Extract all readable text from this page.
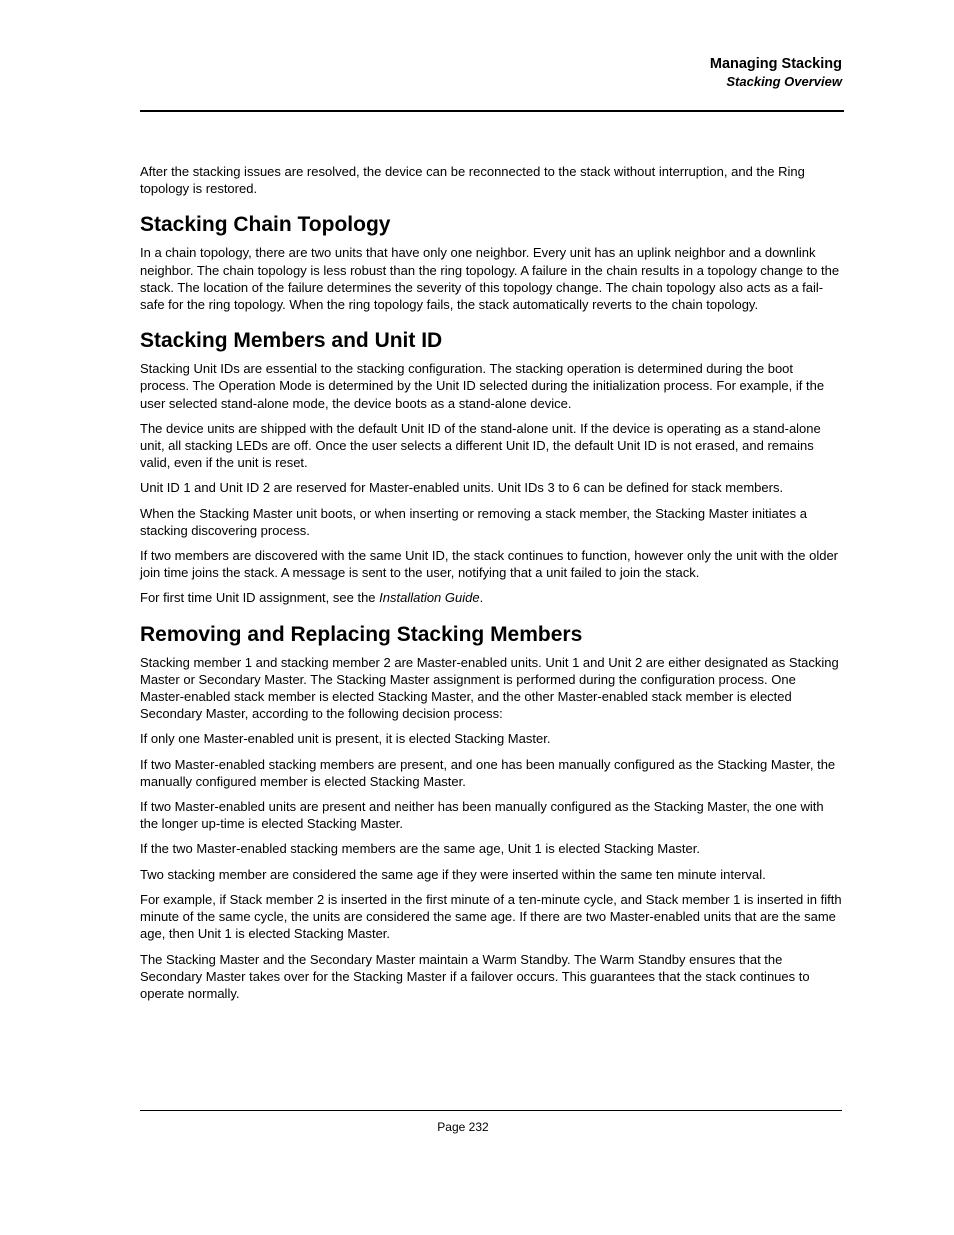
Managing Stacking
Stacking Overview

After the stacking issues are resolved, the device can be reconnected to the stack without interruption, and the Ring topology is restored.

Stacking Chain Topology

In a chain topology, there are two units that have only one neighbor. Every unit has an uplink neighbor and a downlink neighbor. The chain topology is less robust than the ring topology. A failure in the chain results in a topology change to the stack. The location of the failure determines the severity of this topology change. The chain topology also acts as a fail-safe for the ring topology. When the ring topology fails, the stack automatically reverts to the chain topology.

Stacking Members and Unit ID

Stacking Unit IDs are essential to the stacking configuration. The stacking operation is determined during the boot process. The Operation Mode is determined by the Unit ID selected during the initialization process. For example, if the user selected stand-alone mode, the device boots as a stand-alone device.

The device units are shipped with the default Unit ID of the stand-alone unit. If the device is operating as a stand-alone unit, all stacking LEDs are off. Once the user selects a different Unit ID, the default Unit ID is not erased, and remains valid, even if the unit is reset.

Unit ID 1 and Unit ID 2 are reserved for Master-enabled units. Unit IDs 3 to 6 can be defined for stack members.

When the Stacking Master unit boots, or when inserting or removing a stack member, the Stacking Master initiates a stacking discovering process.

If two members are discovered with the same Unit ID, the stack continues to function, however only the unit with the older join time joins the stack. A message is sent to the user, notifying that a unit failed to join the stack.

For first time Unit ID assignment, see the Installation Guide.

Removing and Replacing Stacking Members

Stacking member 1 and stacking member 2 are Master-enabled units. Unit 1 and Unit 2 are either designated as Stacking Master or Secondary Master. The Stacking Master assignment is performed during the configuration process. One Master-enabled stack member is elected Stacking Master, and the other Master-enabled stack member is elected Secondary Master, according to the following decision process:

If only one Master-enabled unit is present, it is elected Stacking Master.

If two Master-enabled stacking members are present, and one has been manually configured as the Stacking Master, the manually configured member is elected Stacking Master.

If two Master-enabled units are present and neither has been manually configured as the Stacking Master, the one with the longer up-time is elected Stacking Master.

If the two Master-enabled stacking members are the same age, Unit 1 is elected Stacking Master.

Two stacking member are considered the same age if they were inserted within the same ten minute interval.

For example, if Stack member 2 is inserted in the first minute of a ten-minute cycle, and Stack member 1 is inserted in fifth minute of the same cycle, the units are considered the same age. If there are two Master-enabled units that are the same age, then Unit 1 is elected Stacking Master.

The Stacking Master and the Secondary Master maintain a Warm Standby. The Warm Standby ensures that the Secondary Master takes over for the Stacking Master if a failover occurs. This guarantees that the stack continues to operate normally.

Page 232
